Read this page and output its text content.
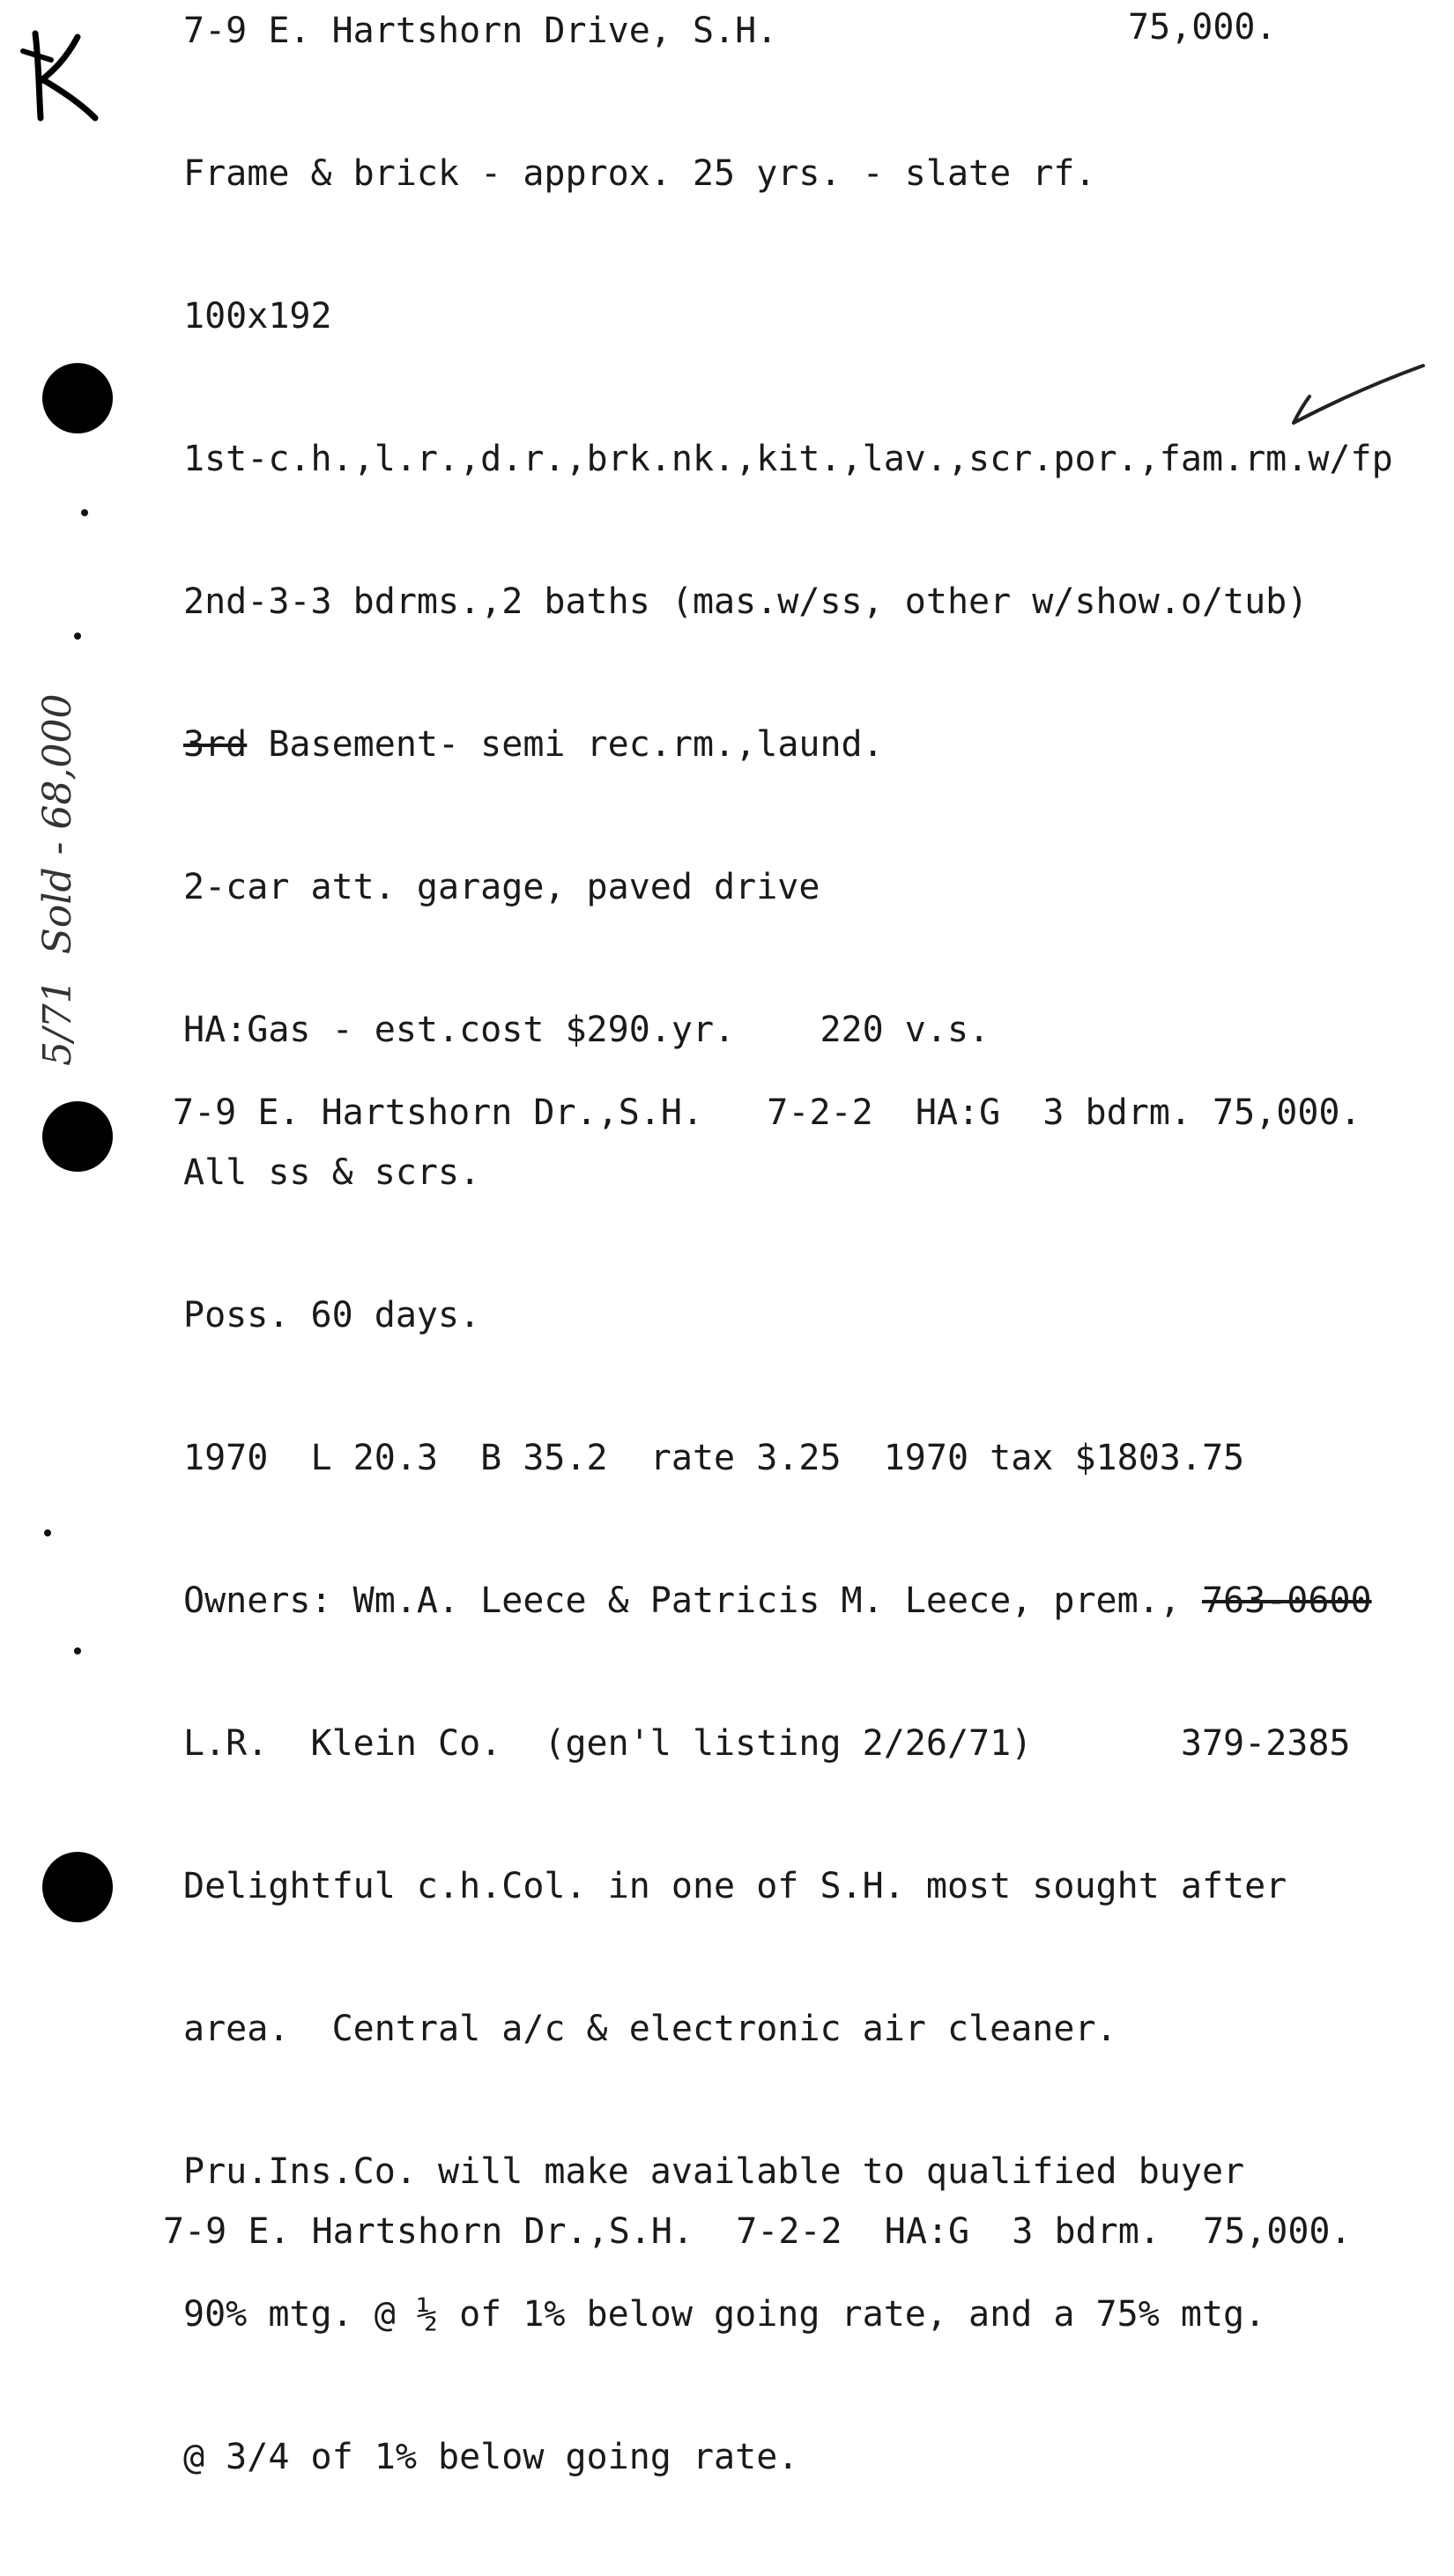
7-9 E. Hartshorn Drive, S.H.	75,000.

Frame & brick - approx. 25 yrs. - slate rf.

100x192

1st-c.h.,l.r.,d.r.,brk.nk.,kit.,lav.,scr.por.,fam.rm.w/fp

2nd-3-3 bdrms.,2 baths (mas.w/ss, other w/show.o/tub)

3rd Basement- semi rec.rm.,laund.

2-car att. garage, paved drive

HA:Gas - est.cost $290.yr. 220 v.s.

All ss & scrs.

Poss. 60 days.

1970  L 20.3  B 35.2  rate 3.25  1970 tax $1803.75

Owners: Wm.A. Leece & Patricis M. Leece, prem., 763-0600

L.R.  Klein Co.  (gen'l listing 2/26/71)	379-2385

Delightful c.h.Col. in one of S.H. most sought after

area.  Central a/c & electronic air cleaner.

Pru.Ins.Co. will make available to qualified buyer

90% mtg. @ ½ of 1% below going rate, and a 75% mtg.

@ 3/4 of 1% below going rate.

5/71  Sold - 68,000
7-9 E. Hartshorn Dr.,S.H.   7-2-2  HA:G  3 bdrm. 75,000.
7-9 E. Hartshorn Dr.,S.H.  7-2-2  HA:G  3 bdrm.  75,000.
